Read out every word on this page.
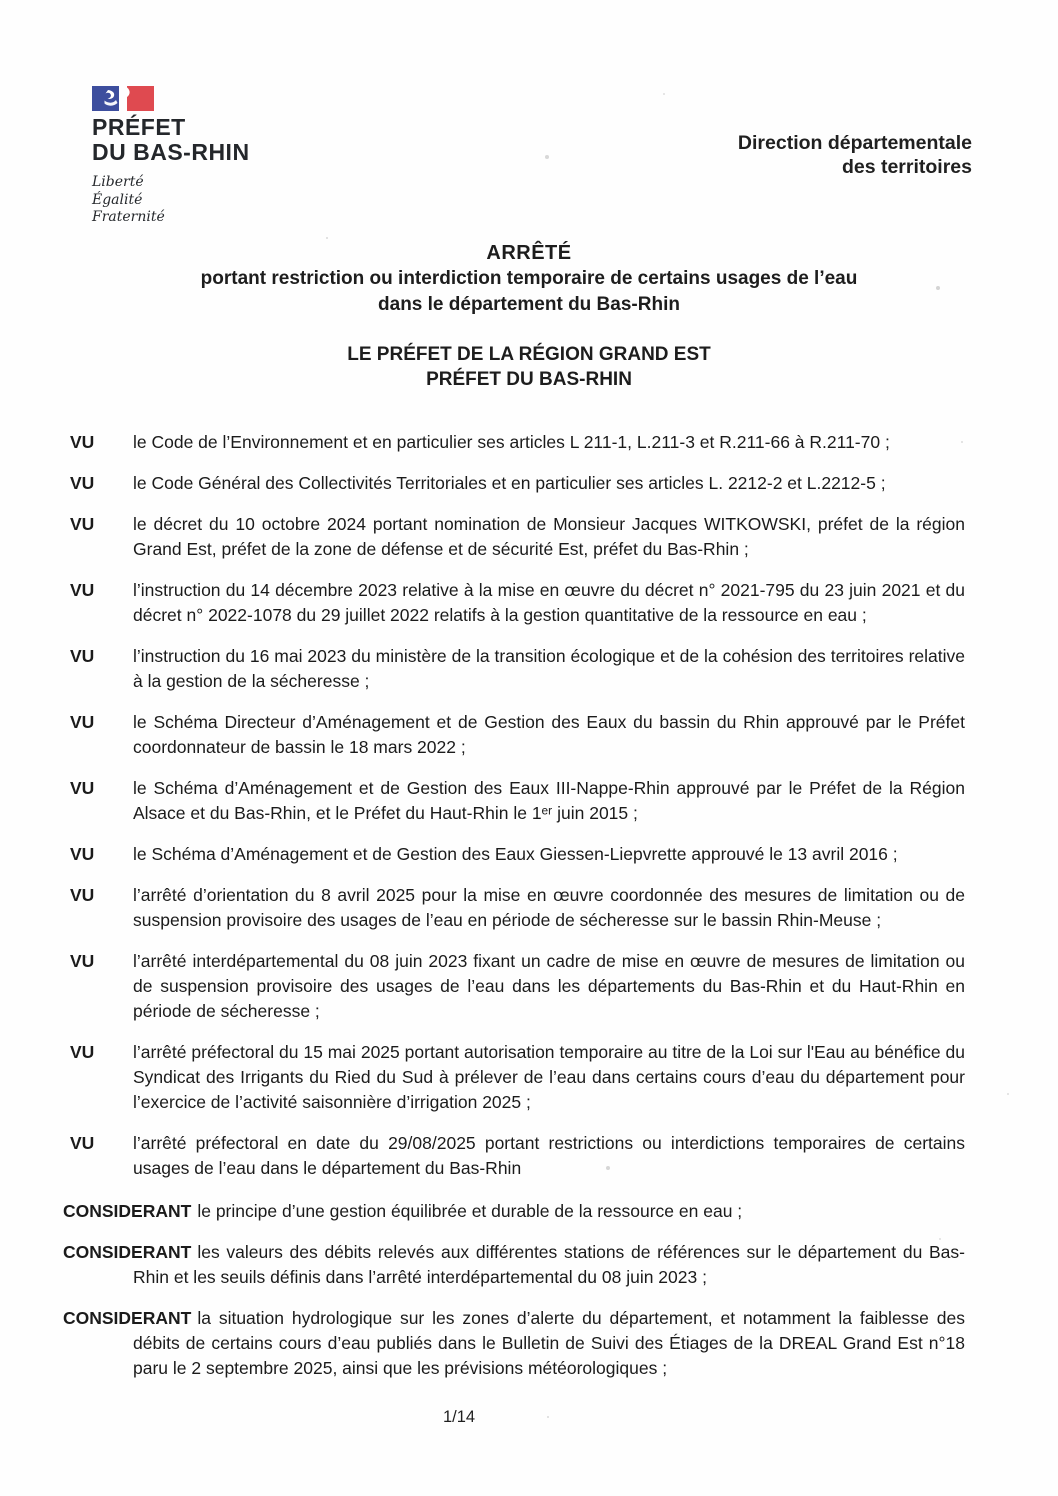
PRÉFET
DU BAS-RHIN
Liberté
Égalité
Fraternité
Direction départementale
des territoires
ARRÊTÉ
portant restriction ou interdiction temporaire de certains usages de l’eau
dans le département du Bas-Rhin
LE PRÉFET DE LA RÉGION GRAND EST
PRÉFET DU BAS-RHIN
VU	le Code de l’Environnement et en particulier ses articles L 211-1, L.211-3 et R.211-66 à R.211-70 ;
VU	le Code Général des Collectivités Territoriales et en particulier ses articles L. 2212-2 et L.2212-5 ;
VU	le décret du 10 octobre 2024 portant nomination de Monsieur Jacques WITKOWSKI, préfet de la région Grand Est, préfet de la zone de défense et de sécurité Est, préfet du Bas-Rhin ;
VU	l’instruction du 14 décembre 2023 relative à la mise en œuvre du décret n° 2021-795 du 23 juin 2021 et du décret n° 2022-1078 du 29 juillet 2022 relatifs à la gestion quantitative de la ressource en eau ;
VU	l’instruction du 16 mai 2023 du ministère de la transition écologique et de la cohésion des territoires relative à la gestion de la sécheresse ;
VU	le Schéma Directeur d’Aménagement et de Gestion des Eaux du bassin du Rhin approuvé par le Préfet coordonnateur de bassin le 18 mars 2022 ;
VU	le Schéma d’Aménagement et de Gestion des Eaux III-Nappe-Rhin approuvé par le Préfet de la Région Alsace et du Bas-Rhin, et le Préfet du Haut-Rhin le 1ᵉʳ juin 2015 ;
VU	le Schéma d’Aménagement et de Gestion des Eaux Giessen-Liepvrette approuvé le 13 avril 2016 ;
VU	l’arrêté d’orientation du 8 avril 2025 pour la mise en œuvre coordonnée des mesures de limitation ou de suspension provisoire des usages de l’eau en période de sécheresse sur le bassin Rhin-Meuse ;
VU	l’arrêté interdépartemental du 08 juin 2023 fixant un cadre de mise en œuvre de mesures de limitation ou de suspension provisoire des usages de l’eau dans les départements du Bas-Rhin et du Haut-Rhin en période de sécheresse ;
VU	l’arrêté préfectoral du 15 mai 2025 portant autorisation temporaire au titre de la Loi sur l'Eau au bénéfice du Syndicat des Irrigants du Ried du Sud à prélever de l’eau dans certains cours d’eau du département pour l’exercice de l’activité saisonnière d’irrigation 2025 ;
VU	l’arrêté préfectoral en date du 29/08/2025 portant restrictions ou interdictions temporaires de certains usages de l’eau dans le département du Bas-Rhin

CONSIDERANT le principe d’une gestion équilibrée et durable de la ressource en eau ;

CONSIDERANT les valeurs des débits relevés aux différentes stations de références sur le département du Bas-Rhin et les seuils définis dans l’arrêté interdépartemental du 08 juin 2023 ;

CONSIDERANT la situation hydrologique sur les zones d’alerte du département, et notamment la faiblesse des débits de certains cours d’eau publiés dans le Bulletin de Suivi des Étiages de la DREAL Grand Est n°18 paru le 2 septembre 2025, ainsi que les prévisions météorologiques ;

1/14
